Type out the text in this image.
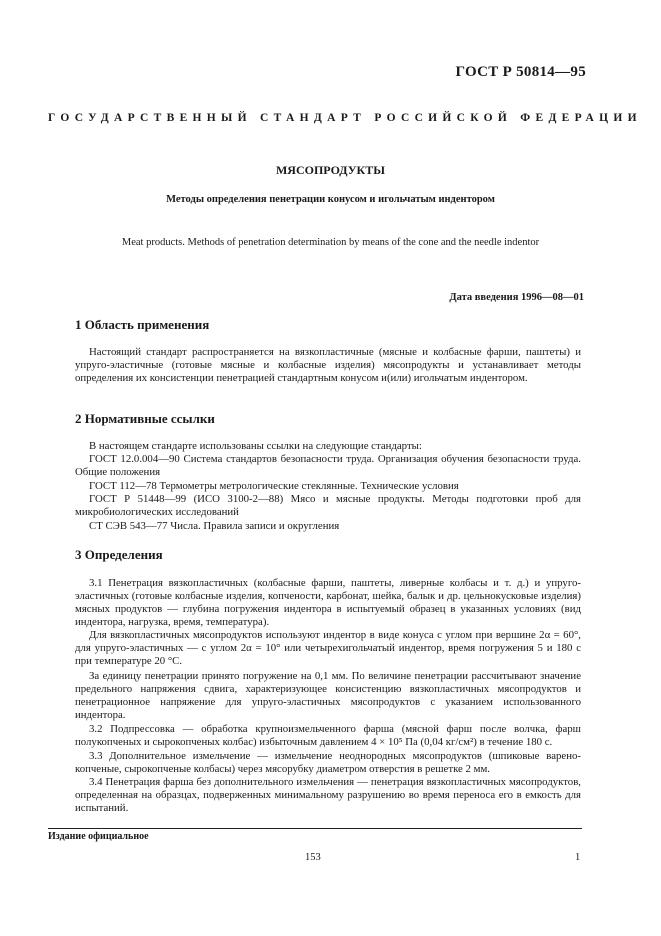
ГОСТ Р 50814—95
ГОСУДАРСТВЕННЫЙ СТАНДАРТ РОССИЙСКОЙ ФЕДЕРАЦИИ
МЯСОПРОДУКТЫ
Методы определения пенетрации конусом и игольчатым индентором
Meat products. Methods of penetration determination by means of the cone and the needle indentor
Дата введения 1996—08—01
1 Область применения
Настоящий стандарт распространяется на вязкопластичные (мясные и колбасные фарши, паштеты) и упруго-эластичные (готовые мясные и колбасные изделия) мясопродукты и устанавливает методы определения их консистенции пенетрацией стандартным конусом и(или) игольчатым индентором.
2 Нормативные ссылки
В настоящем стандарте использованы ссылки на следующие стандарты:
ГОСТ 12.0.004—90 Система стандартов безопасности труда. Организация обучения безопасности труда. Общие положения
ГОСТ 112—78 Термометры метрологические стеклянные. Технические условия
ГОСТ Р 51448—99 (ИСО 3100-2—88) Мясо и мясные продукты. Методы подготовки проб для микробиологических исследований
СТ СЭВ 543—77 Числа. Правила записи и округления
3 Определения
3.1 Пенетрация вязкопластичных (колбасные фарши, паштеты, ливерные колбасы и т. д.) и упруго-эластичных (готовые колбасные изделия, копчености, карбонат, шейка, балык и др. цельнокусковые изделия) мясных продуктов — глубина погружения индентора в испытуемый образец в указанных условиях (вид индентора, нагрузка, время, температура).
Для вязкопластичных мясопродуктов используют индентор в виде конуса с углом при вершине 2α = 60°, для упруго-эластичных — с углом 2α = 10° или четырехигольчатый индентор, время погружения 5 и 180 с при температуре 20 °С.
За единицу пенетрации принято погружение на 0,1 мм. По величине пенетрации рассчитывают значение предельного напряжения сдвига, характеризующее консистенцию вязкопластичных мясопродуктов и пенетрационное напряжение для упруго-эластичных мясопродуктов с указанием использованного индентора.
3.2 Подпрессовка — обработка крупноизмельченного фарша (мясной фарш после волчка, фарш полукопченых и сырокопченых колбас) избыточным давлением 4 × 10⁵ Па (0,04 кг/см²) в течение 180 с.
3.3 Дополнительное измельчение — измельчение неоднородных мясопродуктов (шпиковые варено-копченые, сырокопченые колбасы) через мясорубку диаметром отверстия в решетке 2 мм.
3.4 Пенетрация фарша без дополнительного измельчения — пенетрация вязкопластичных мясопродуктов, определенная на образцах, подверженных минимальному разрушению во время переноса его в емкость для испытаний.
Издание официальное
153	1
